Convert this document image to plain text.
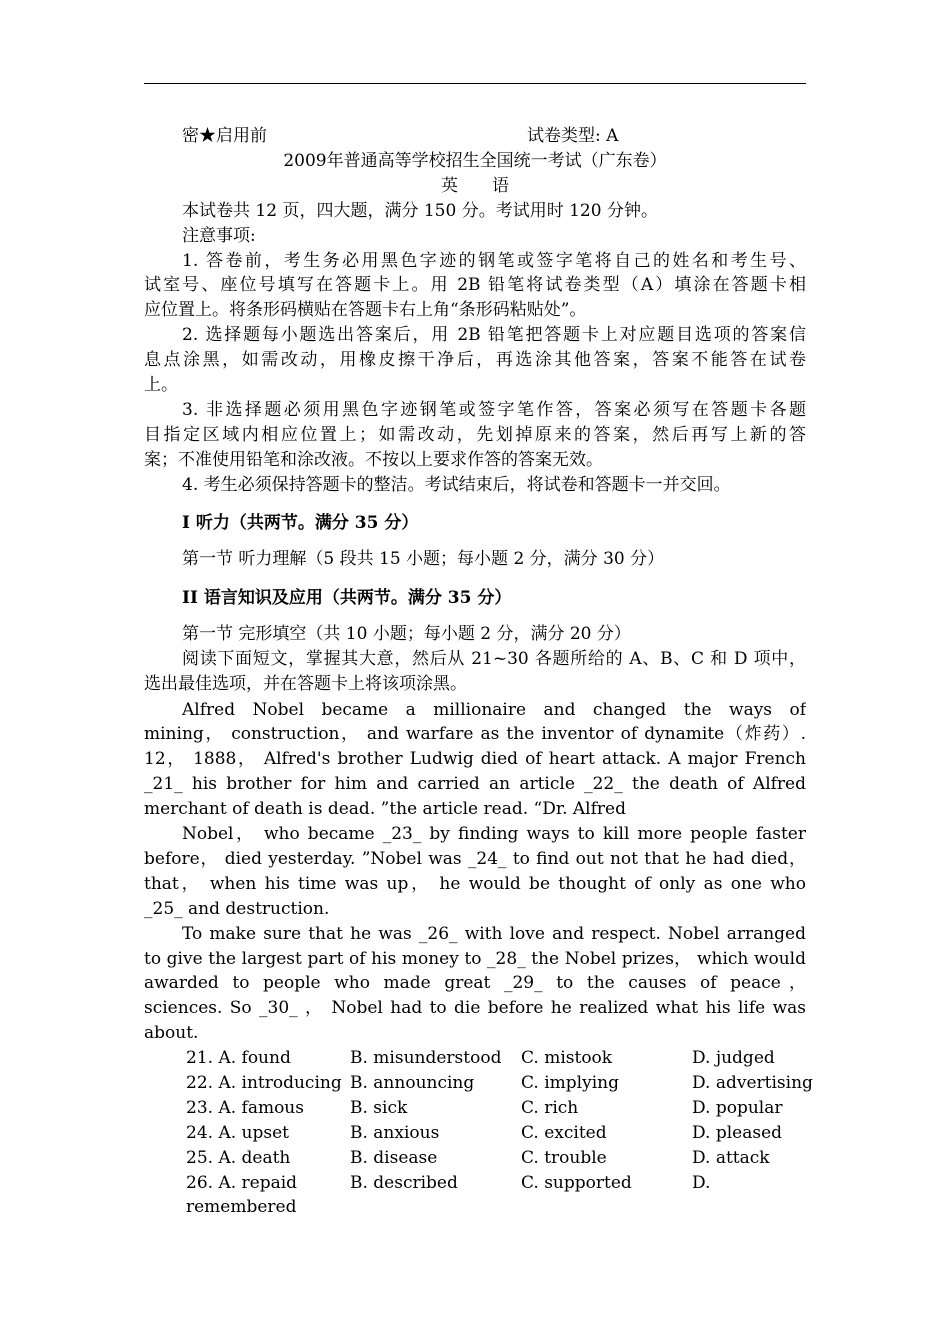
密★启用前	试卷类型: A
2009年普通高等学校招生全国统一考试（广东卷）
英　　语
本试卷共 12 页，四大题，满分 150 分。考试用时 120 分钟。
注意事项:
1. 答卷前，考生务必用黑色字迹的钢笔或签字笔将自己的姓名和考生号、
试室号、座位号填写在答题卡上。用 2B 铅笔将试卷类型（A）填涂在答题卡相
应位置上。将条形码横贴在答题卡右上角“条形码粘贴处”。
2. 选择题每小题选出答案后，用 2B 铅笔把答题卡上对应题目选项的答案信
息点涂黑，如需改动，用橡皮擦干净后，再选涂其他答案，答案不能答在试卷
上。
3. 非选择题必须用黑色字迹钢笔或签字笔作答，答案必须写在答题卡各题
目指定区域内相应位置上；如需改动，先划掉原来的答案，然后再写上新的答
案；不准使用铅笔和涂改液。不按以上要求作答的答案无效。
4. 考生必须保持答题卡的整洁。考试结束后，将试卷和答题卡一并交回。
I 听力（共两节。满分 35 分）
第一节 听力理解（5 段共 15 小题；每小题 2 分，满分 30 分）
II 语言知识及应用（共两节。满分 35 分）
第一节 完形填空（共 10 小题；每小题 2 分，满分 20 分）
阅读下面短文，掌握其大意，然后从 21~30 各题所给的 A、B、C 和 D 项中，
选出最佳选项，并在答题卡上将该项涂黑。
Alfred Nobel became a millionaire and changed the ways of
mining， construction， and warfare as the inventor of dynamite（炸药）.
12， 1888， Alfred's brother Ludwig died of heart attack. A major French
_21_ his brother for him and carried an article _22_ the death of Alfred
merchant of death is dead. ”the article read. “Dr. Alfred
Nobel， who became _23_ by finding ways to kill more people faster
before， died yesterday. ”Nobel was _24_ to find out not that he had died，
that， when his time was up， he would be thought of only as one who
_25_ and destruction.
To make sure that he was _26_ with love and respect. Nobel arranged
to give the largest part of his money to _28_ the Nobel prizes， which would
awarded to people who made great _29_ to the causes of peace，
sciences. So _30_ ， Nobel had to die before he realized what his life was
about.
21. A. found	B. misunderstood C. mistook	D. judged
22. A. introducing B. announcing	C. implying	D. advertising
23. A. famous	B. sick	C. rich	D. popular
24. A. upset	B. anxious	C. excited	D. pleased
25. A. death	B. disease	C. trouble	D. attack
26. A. repaid	B. described	C. supported	D.
remembered
